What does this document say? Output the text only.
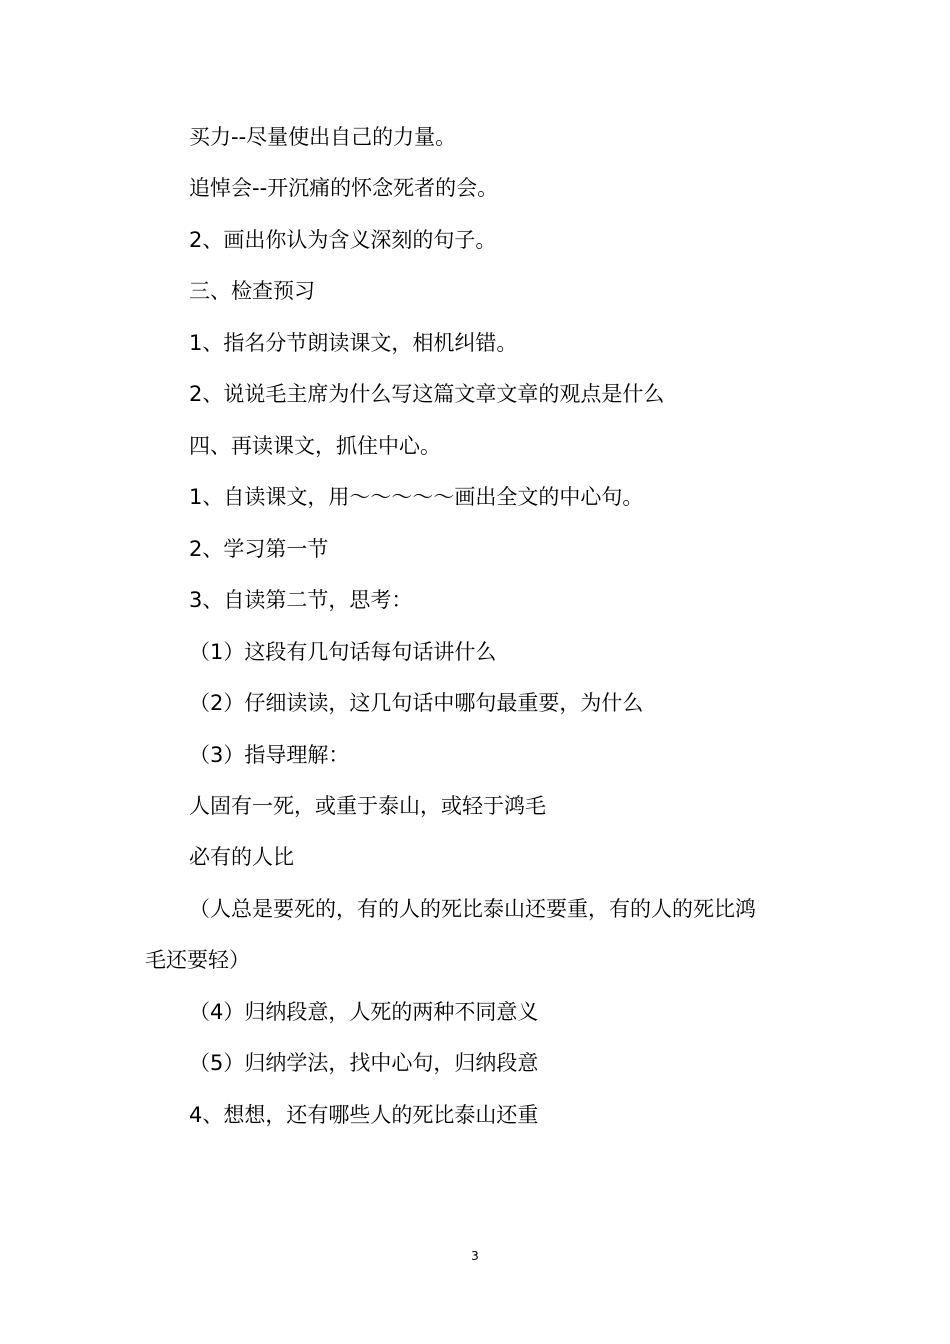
买力--尽量使出自己的力量。

追悼会--开沉痛的怀念死者的会。

2、画出你认为含义深刻的句子。

三、检查预习

1、指名分节朗读课文，相机纠错。

2、说说毛主席为什么写这篇文章文章的观点是什么

四、再读课文，抓住中心。

1、自读课文，用～～～～～画出全文的中心句。

2、学习第一节

3、自读第二节，思考：

（1）这段有几句话每句话讲什么

（2）仔细读读，这几句话中哪句最重要，为什么

（3）指导理解：

人固有一死，或重于泰山，或轻于鸿毛

必有的人比

（人总是要死的，有的人的死比泰山还要重，有的人的死比鸿

毛还要轻）

（4）归纳段意，人死的两种不同意义

（5）归纳学法，找中心句，归纳段意

4、想想，还有哪些人的死比泰山还重

3
